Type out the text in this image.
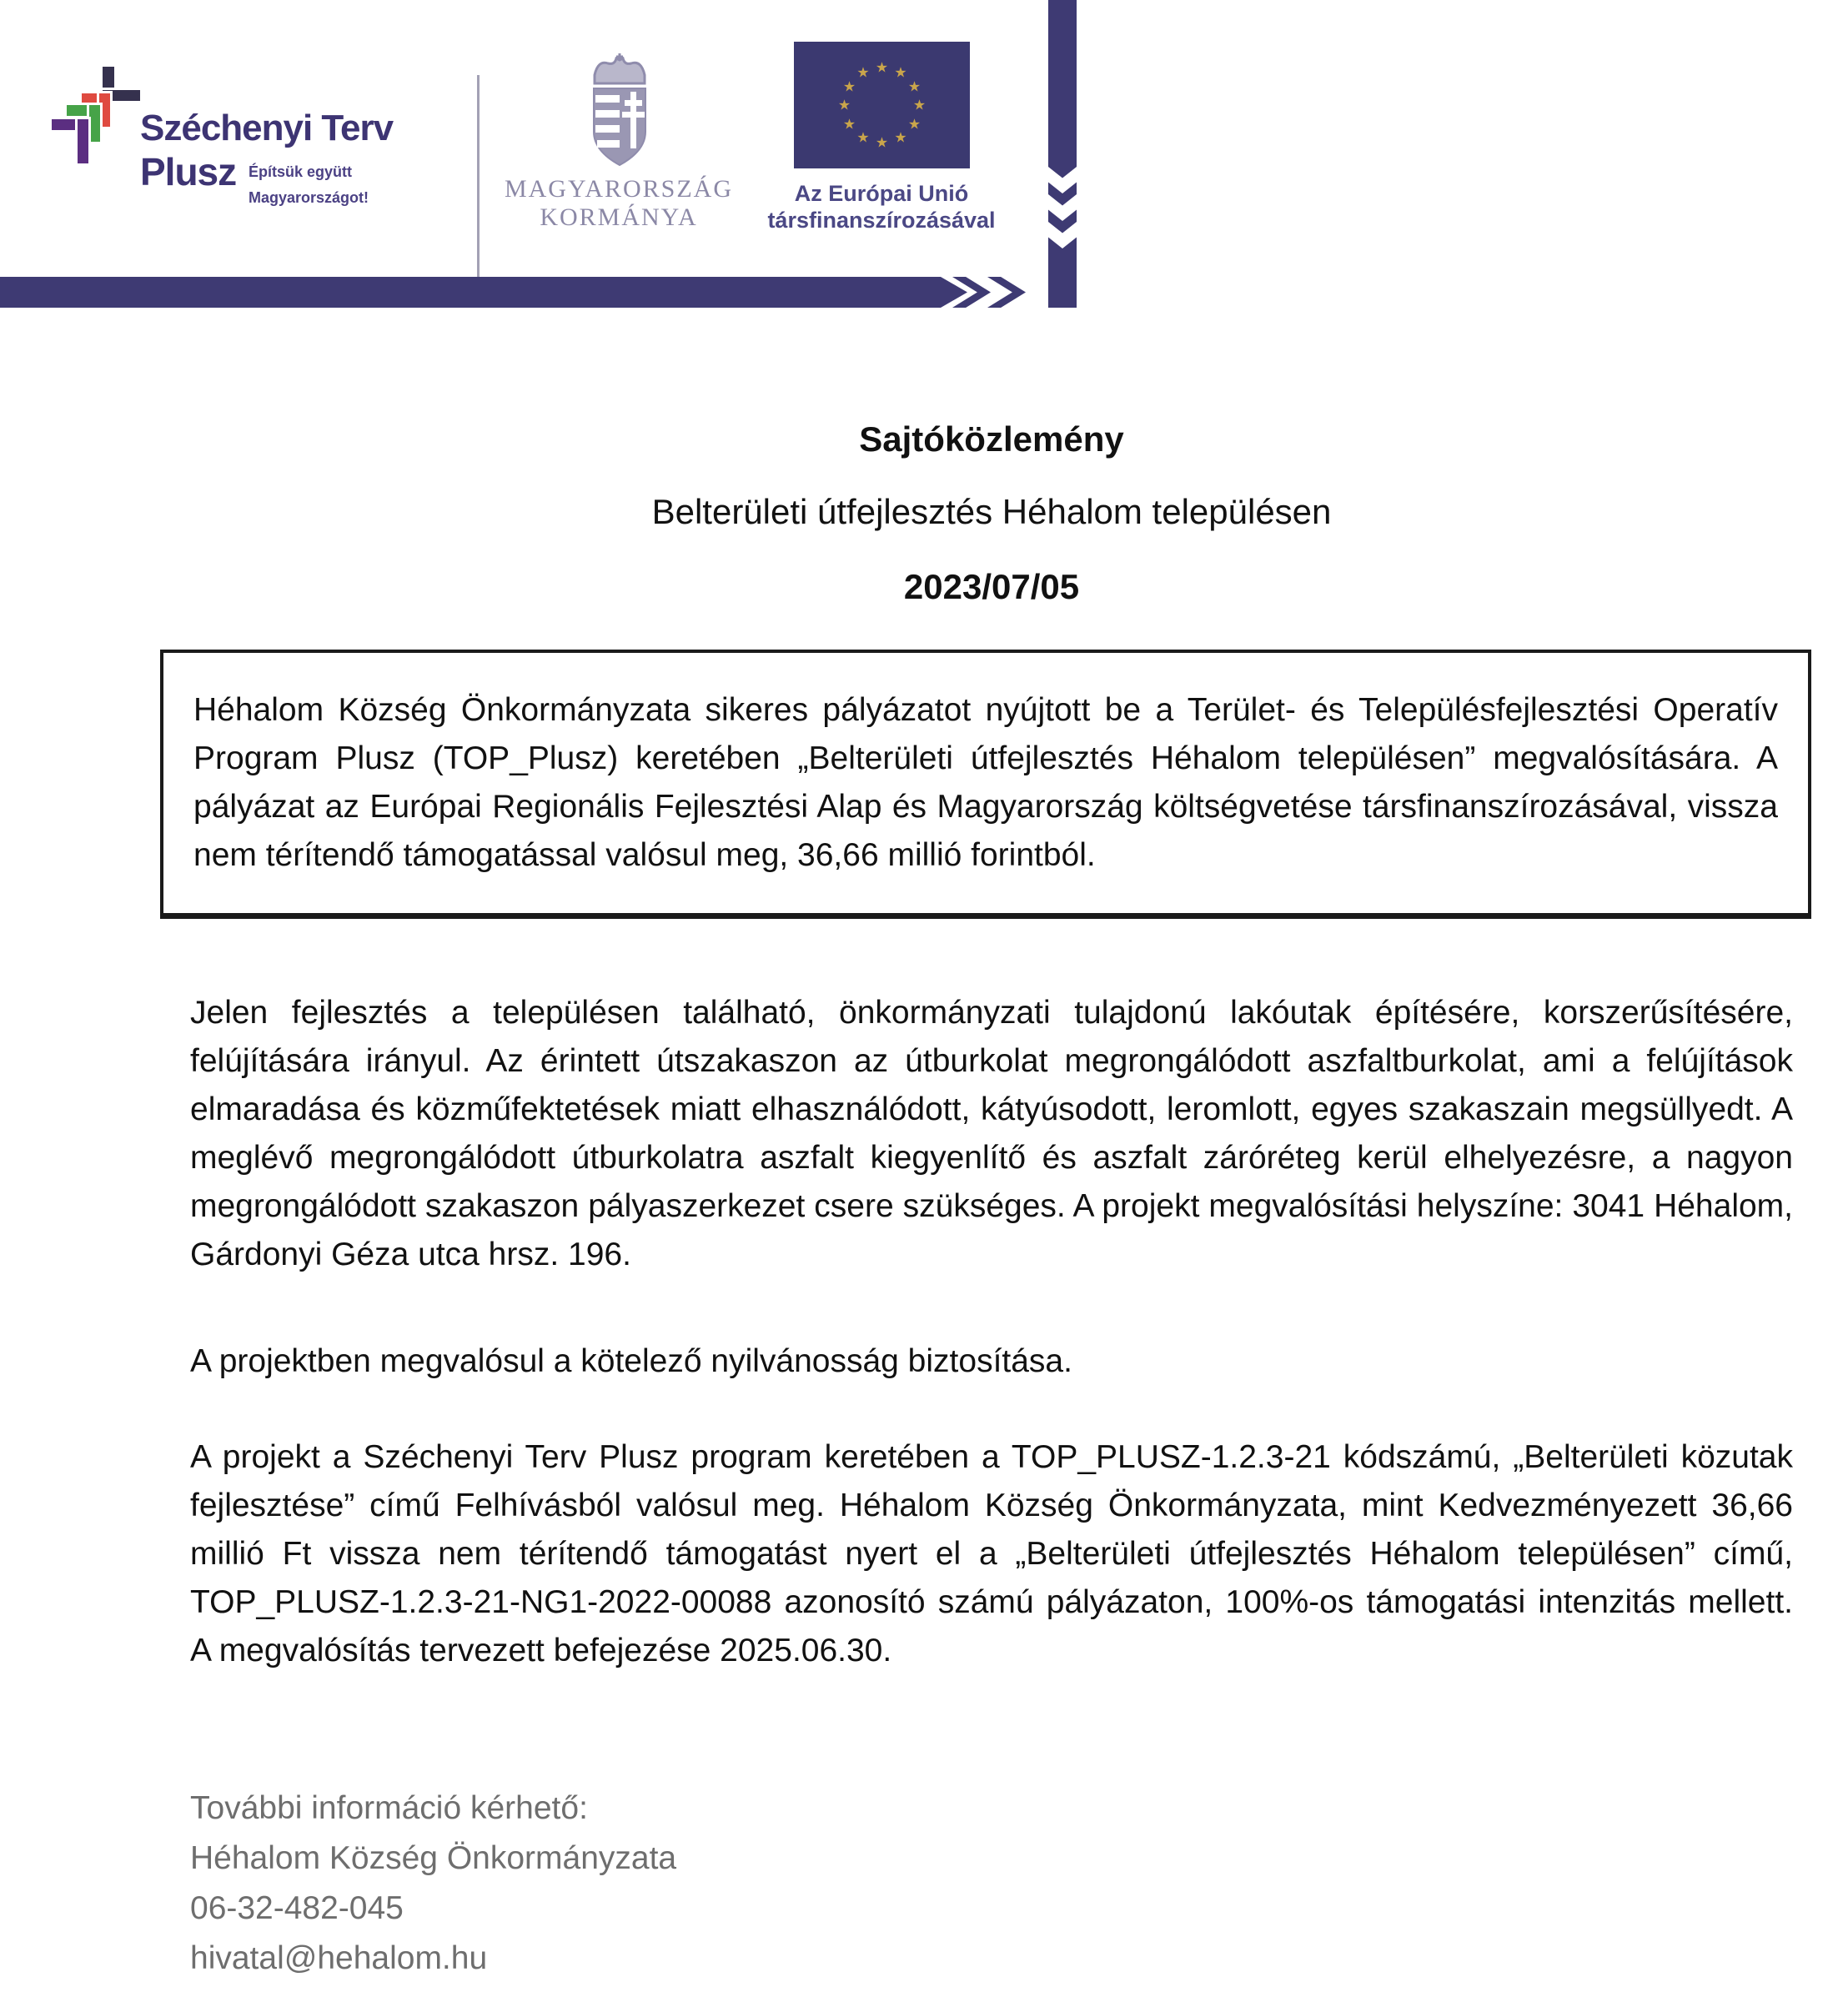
Széchenyi Terv
Plusz Építsük együtt
Magyarországot!	MAGYARORSZÁG
KORMÁNYA
★ ★
★
★
★
★
★
★
★
★
★
★
Az Európai Unió
társfinanszírozásával
Sajtóközlemény
Belterületi útfejlesztés Héhalom településen
2023/07/05

Héhalom Község Önkormányzata sikeres pályázatot nyújtott be a Terület- és Településfejlesztési Operatív Program Plusz (TOP_Plusz) keretében „Belterületi útfejlesztés Héhalom településen” megvalósítására. A pályázat az Európai Regionális Fejlesztési Alap és Magyarország költségvetése társfinanszírozásával, vissza nem térítendő támogatással valósul meg, 36,66 millió forintból.

Jelen fejlesztés a településen található, önkormányzati tulajdonú lakóutak építésére, korszerűsítésére, felújítására irányul. Az érintett útszakaszon az útburkolat megrongálódott aszfaltburkolat, ami a felújítások elmaradása és közműfektetések miatt elhasználódott, kátyúsodott, leromlott, egyes szakaszain megsüllyedt. A meglévő megrongálódott útburkolatra aszfalt kiegyenlítő és aszfalt záróréteg kerül elhelyezésre, a nagyon megrongálódott szakaszon pályaszerkezet csere szükséges. A projekt megvalósítási helyszíne: 3041 Héhalom, Gárdonyi Géza utca hrsz. 196.

A projektben megvalósul a kötelező nyilvánosság biztosítása.

A projekt a Széchenyi Terv Plusz program keretében a TOP_PLUSZ-1.2.3-21 kódszámú, „Belterületi közutak fejlesztése” című Felhívásból valósul meg. Héhalom Község Önkormányzata, mint Kedvezményezett 36,66 millió Ft vissza nem térítendő támogatást nyert el a „Belterületi útfejlesztés Héhalom településen” című, TOP_PLUSZ-1.2.3-21-NG1-2022-00088 azonosító számú pályázaton, 100%-os támogatási intenzitás mellett. A megvalósítás tervezett befejezése 2025.06.30.

További információ kérhető:
Héhalom Község Önkormányzata
06-32-482-045
hivatal@hehalom.hu
